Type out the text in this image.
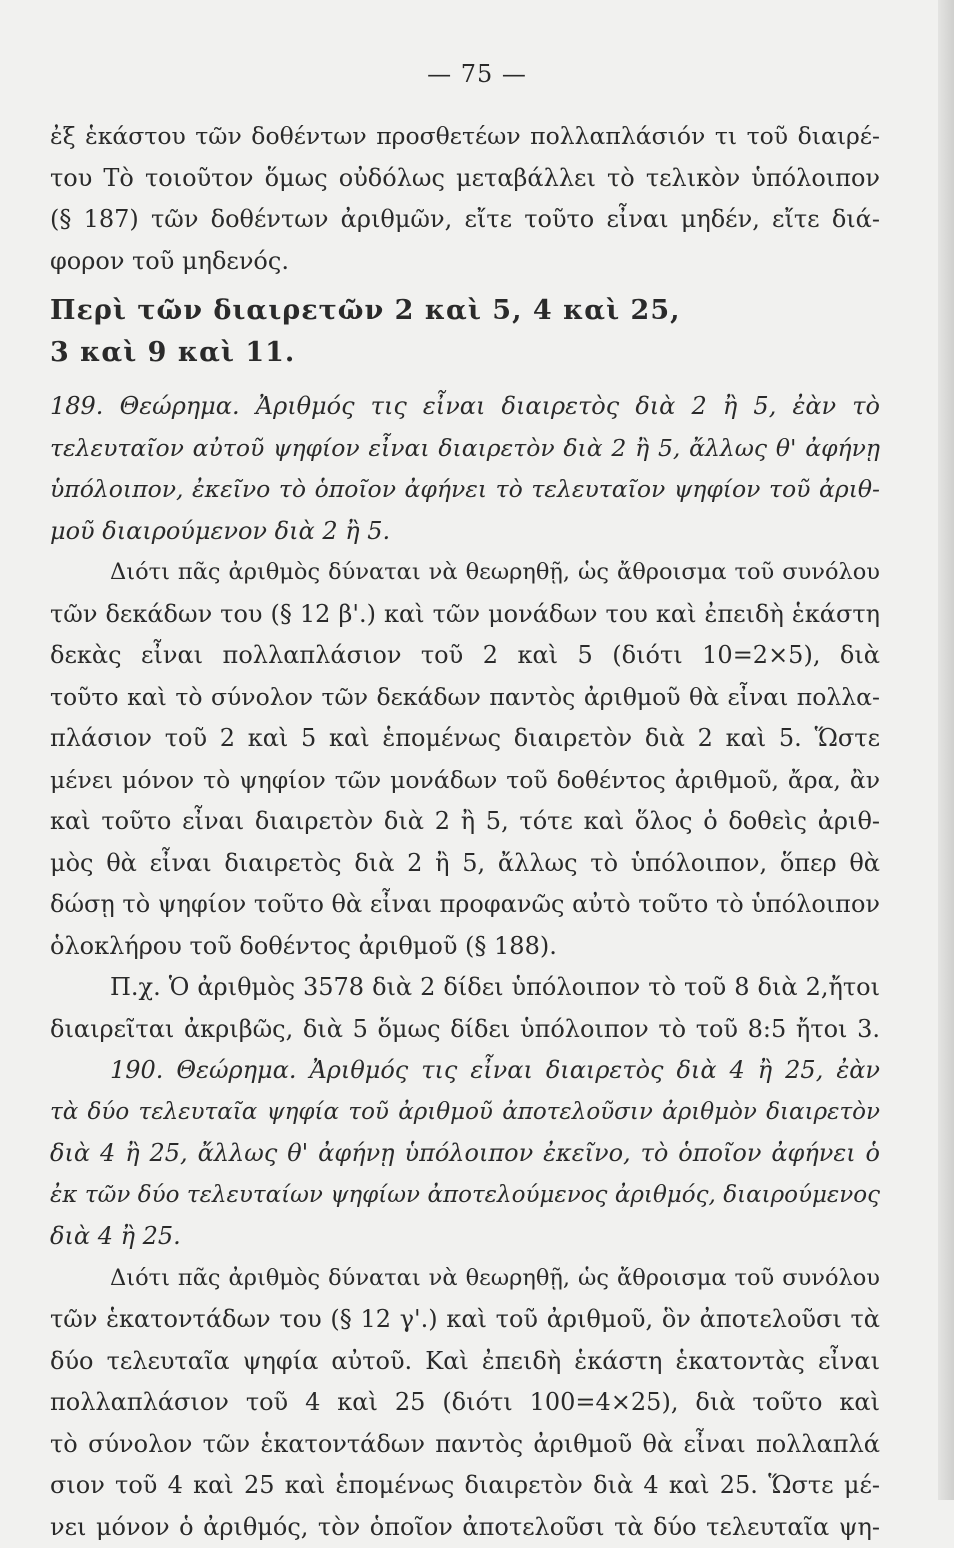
— 75 —
ἐξ ἑκάστου τῶν δοθέντων προσθετέων πολλαπλάσιόν τι τοῦ διαιρέ-
του Τὸ τοιοῦτον ὅμως οὐδόλως μεταβάλλει τὸ τελικὸν ὑπόλοιπον
(§ 187) τῶν δοθέντων ἀριθμῶν, εἴτε τοῦτο εἶναι μηδέν, εἴτε διά-
φορον τοῦ μηδενός.
Περὶ τῶν διαιρετῶν 2 καὶ 5, 4 καὶ 25,
3 καὶ 9 καὶ 11.
189. Θεώρημα. Ἀριθμός τις εἶναι διαιρετὸς διὰ 2 ἢ 5, ἐὰν τὸ
τελευταῖον αὐτοῦ ψηφίον εἶναι διαιρετὸν διὰ 2 ἢ 5, ἄλλως θ' ἀφήνῃ
ὑπόλοιπον, ἐκεῖνο τὸ ὁποῖον ἀφήνει τὸ τελευταῖον ψηφίον τοῦ ἀριθ-
μοῦ διαιρούμενον διὰ 2 ἢ 5.
Διότι πᾶς ἀριθμὸς δύναται νὰ θεωρηθῇ, ὡς ἄθροισμα τοῦ συνόλου
τῶν δεκάδων του (§ 12 β'.) καὶ τῶν μονάδων του καὶ ἐπειδὴ ἑκάστη
δεκὰς εἶναι πολλαπλάσιον τοῦ 2 καὶ 5 (διότι 10=2×5), διὰ
τοῦτο καὶ τὸ σύνολον τῶν δεκάδων παντὸς ἀριθμοῦ θὰ εἶναι πολλα-
πλάσιον τοῦ 2 καὶ 5 καὶ ἑπομένως διαιρετὸν διὰ 2 καὶ 5. Ὥστε
μένει μόνον τὸ ψηφίον τῶν μονάδων τοῦ δοθέντος ἀριθμοῦ, ἄρα, ἂν
καὶ τοῦτο εἶναι διαιρετὸν διὰ 2 ἢ 5, τότε καὶ ὅλος ὁ δοθεὶς ἀριθ-
μὸς θὰ εἶναι διαιρετὸς διὰ 2 ἢ 5, ἄλλως τὸ ὑπόλοιπον, ὅπερ θὰ
δώσῃ τὸ ψηφίον τοῦτο θὰ εἶναι προφανῶς αὐτὸ τοῦτο τὸ ὑπόλοιπον
ὁλοκλήρου τοῦ δοθέντος ἀριθμοῦ (§ 188).
Π.χ. Ὁ ἀριθμὸς 3578 διὰ 2 δίδει ὑπόλοιπον τὸ τοῦ 8 διὰ 2,ἤτοι
διαιρεῖται ἀκριβῶς, διὰ 5 ὅμως δίδει ὑπόλοιπον τὸ τοῦ 8:5 ἤτοι 3.
190. Θεώρημα. Ἀριθμός τις εἶναι διαιρετὸς διὰ 4 ἢ 25, ἐὰν
τὰ δύο τελευταῖα ψηφία τοῦ ἀριθμοῦ ἀποτελοῦσιν ἀριθμὸν διαιρετὸν
διὰ 4 ἢ 25, ἄλλως θ' ἀφήνῃ ὑπόλοιπον ἐκεῖνο, τὸ ὁποῖον ἀφήνει ὁ
ἐκ τῶν δύο τελευταίων ψηφίων ἀποτελούμενος ἀριθμός, διαιρούμενος
διὰ 4 ἢ 25.
Διότι πᾶς ἀριθμὸς δύναται νὰ θεωρηθῇ, ὡς ἄθροισμα τοῦ συνόλου
τῶν ἑκατοντάδων του (§ 12 γ'.) καὶ τοῦ ἀριθμοῦ, ὃν ἀποτελοῦσι τὰ
δύο τελευταῖα ψηφία αὐτοῦ. Καὶ ἐπειδὴ ἑκάστη ἑκατοντὰς εἶναι
πολλαπλάσιον τοῦ 4 καὶ 25 (διότι 100=4×25), διὰ τοῦτο καὶ
τὸ σύνολον τῶν ἑκατοντάδων παντὸς ἀριθμοῦ θὰ εἶναι πολλαπλά
σιον τοῦ 4 καὶ 25 καὶ ἑπομένως διαιρετὸν διὰ 4 καὶ 25. Ὥστε μέ-
νει μόνον ὁ ἀριθμός, τὸν ὁποῖον ἀποτελοῦσι τὰ δύο τελευταῖα ψη-
